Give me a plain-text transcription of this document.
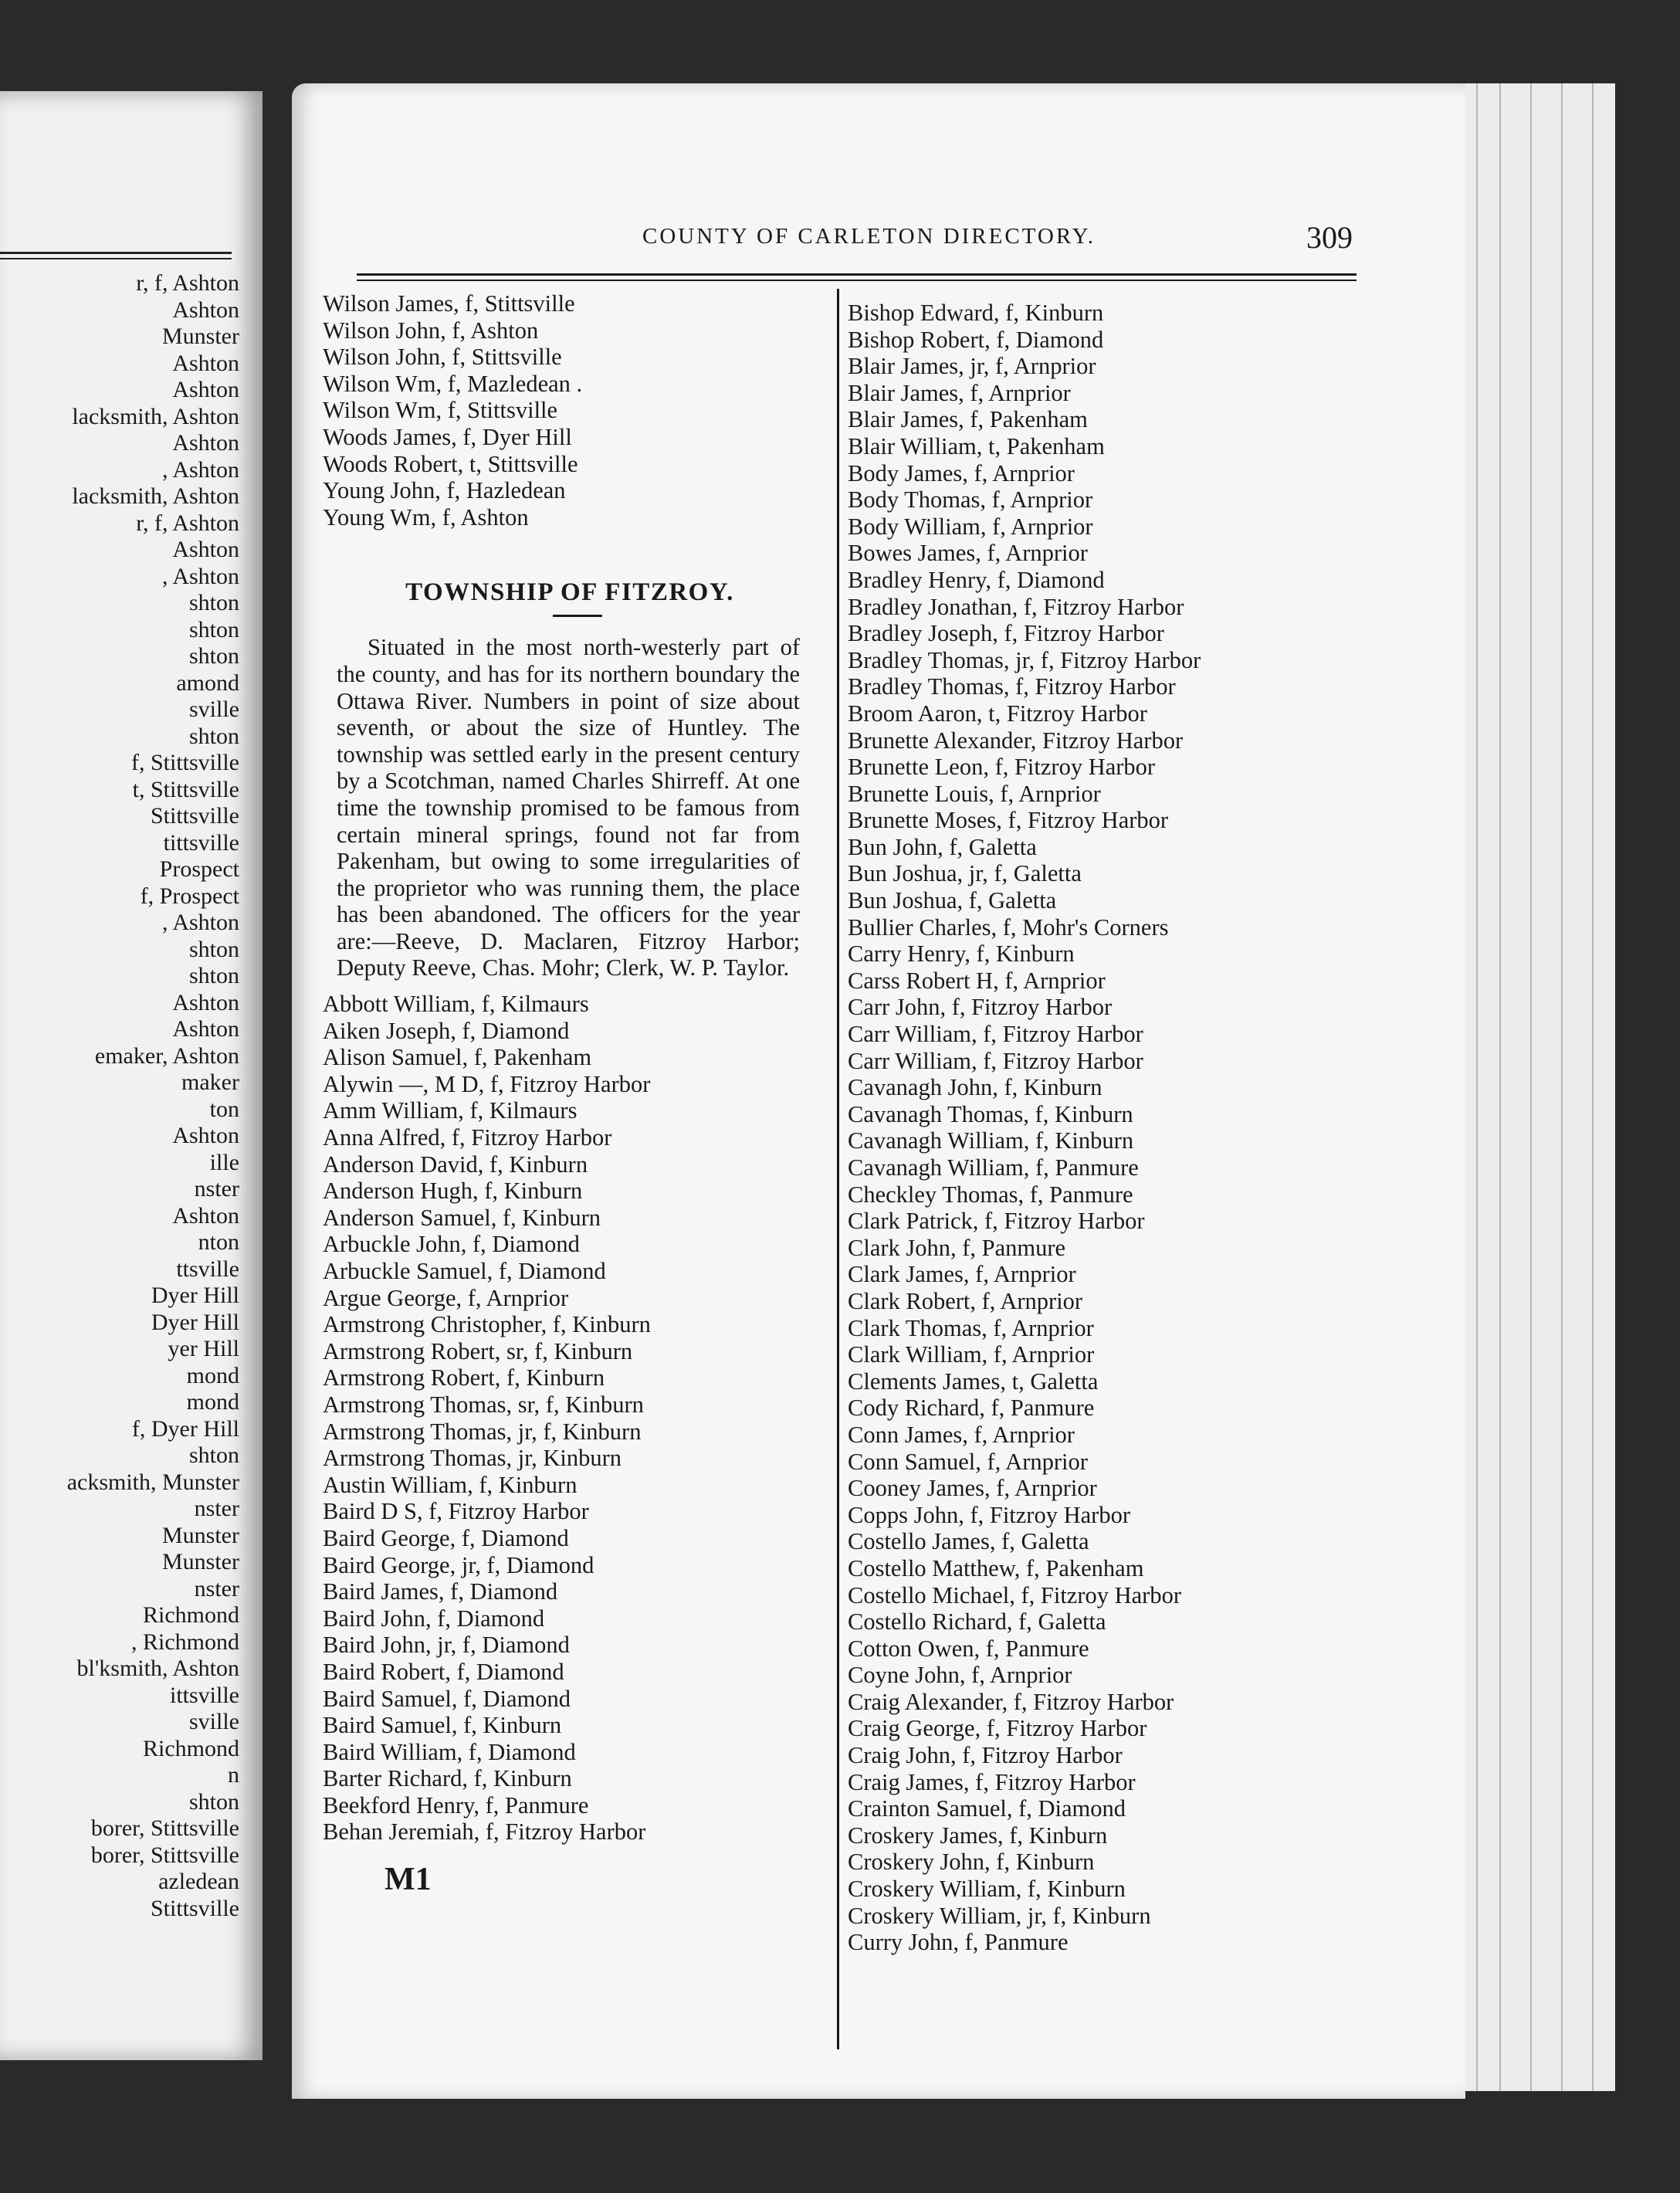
r, f, Ashton
Ashton
Munster
Ashton
Ashton
lacksmith, Ashton
Ashton
, Ashton
lacksmith, Ashton
r, f, Ashton
Ashton
, Ashton
shton
shton
shton
amond
sville
shton
f, Stittsville
t, Stittsville
Stittsville
tittsville
Prospect
f, Prospect
, Ashton
shton
shton
Ashton
Ashton
emaker, Ashton
maker
ton
Ashton
ille
nster
Ashton
nton
ttsville
Dyer Hill
Dyer Hill
yer Hill
mond
mond
f, Dyer Hill
shton
acksmith, Munster
nster
Munster
Munster
nster
Richmond
, Richmond
bl'ksmith, Ashton
ittsville
sville
Richmond
n
shton
borer, Stittsville
borer, Stittsville
azledean
Stittsville
COUNTY OF CARLETON DIRECTORY.	309
Wilson James, f, Stittsville
Wilson John, f, Ashton
Wilson John, f, Stittsville
Wilson Wm, f, Mazledean .
Wilson Wm, f, Stittsville
Woods James, f, Dyer Hill
Woods Robert, t, Stittsville
Young John, f, Hazledean
Young Wm, f, Ashton
TOWNSHIP OF FITZROY.

Situated in the most north-westerly part of the county, and has for its northern boundary the Ottawa River. Numbers in point of size about seventh, or about the size of Huntley. The township was settled early in the present century by a Scotchman, named Charles Shirreff. At one time the township promised to be famous from certain mineral springs, found not far from Pakenham, but owing to some irregularities of the proprietor who was running them, the place has been abandoned. The officers for the year are:—Reeve, D. Maclaren, Fitzroy Harbor; Deputy Reeve, Chas. Mohr; Clerk, W. P. Taylor.

Abbott William, f, Kilmaurs
Aiken Joseph, f, Diamond
Alison Samuel, f, Pakenham
Alywin —, M D, f, Fitzroy Harbor
Amm William, f, Kilmaurs
Anna Alfred, f, Fitzroy Harbor
Anderson David, f, Kinburn
Anderson Hugh, f, Kinburn
Anderson Samuel, f, Kinburn
Arbuckle John, f, Diamond
Arbuckle Samuel, f, Diamond
Argue George, f, Arnprior
Armstrong Christopher, f, Kinburn
Armstrong Robert, sr, f, Kinburn
Armstrong Robert, f, Kinburn
Armstrong Thomas, sr, f, Kinburn
Armstrong Thomas, jr, f, Kinburn
Armstrong Thomas, jr, Kinburn
Austin William, f, Kinburn
Baird D S, f, Fitzroy Harbor
Baird George, f, Diamond
Baird George, jr, f, Diamond
Baird James, f, Diamond
Baird John, f, Diamond
Baird John, jr, f, Diamond
Baird Robert, f, Diamond
Baird Samuel, f, Diamond
Baird Samuel, f, Kinburn
Baird William, f, Diamond
Barter Richard, f, Kinburn
Beekford Henry, f, Panmure
Behan Jeremiah, f, Fitzroy Harbor
M1
Bishop Edward, f, Kinburn
Bishop Robert, f, Diamond
Blair James, jr, f, Arnprior
Blair James, f, Arnprior
Blair James, f, Pakenham
Blair William, t, Pakenham
Body James, f, Arnprior
Body Thomas, f, Arnprior
Body William, f, Arnprior
Bowes James, f, Arnprior
Bradley Henry, f, Diamond
Bradley Jonathan, f, Fitzroy Harbor
Bradley Joseph, f, Fitzroy Harbor
Bradley Thomas, jr, f, Fitzroy Harbor
Bradley Thomas, f, Fitzroy Harbor
Broom Aaron, t, Fitzroy Harbor
Brunette Alexander, Fitzroy Harbor
Brunette Leon, f, Fitzroy Harbor
Brunette Louis, f, Arnprior
Brunette Moses, f, Fitzroy Harbor
Bun John, f, Galetta
Bun Joshua, jr, f, Galetta
Bun Joshua, f, Galetta
Bullier Charles, f, Mohr's Corners
Carry Henry, f, Kinburn
Carss Robert H, f, Arnprior
Carr John, f, Fitzroy Harbor
Carr William, f, Fitzroy Harbor
Carr William, f, Fitzroy Harbor
Cavanagh John, f, Kinburn
Cavanagh Thomas, f, Kinburn
Cavanagh William, f, Kinburn
Cavanagh William, f, Panmure
Checkley Thomas, f, Panmure
Clark Patrick, f, Fitzroy Harbor
Clark John, f, Panmure
Clark James, f, Arnprior
Clark Robert, f, Arnprior
Clark Thomas, f, Arnprior
Clark William, f, Arnprior
Clements James, t, Galetta
Cody Richard, f, Panmure
Conn James, f, Arnprior
Conn Samuel, f, Arnprior
Cooney James, f, Arnprior
Copps John, f, Fitzroy Harbor
Costello James, f, Galetta
Costello Matthew, f, Pakenham
Costello Michael, f, Fitzroy Harbor
Costello Richard, f, Galetta
Cotton Owen, f, Panmure
Coyne John, f, Arnprior
Craig Alexander, f, Fitzroy Harbor
Craig George, f, Fitzroy Harbor
Craig John, f, Fitzroy Harbor
Craig James, f, Fitzroy Harbor
Crainton Samuel, f, Diamond
Croskery James, f, Kinburn
Croskery John, f, Kinburn
Croskery William, f, Kinburn
Croskery William, jr, f, Kinburn
Curry John, f, Panmure
